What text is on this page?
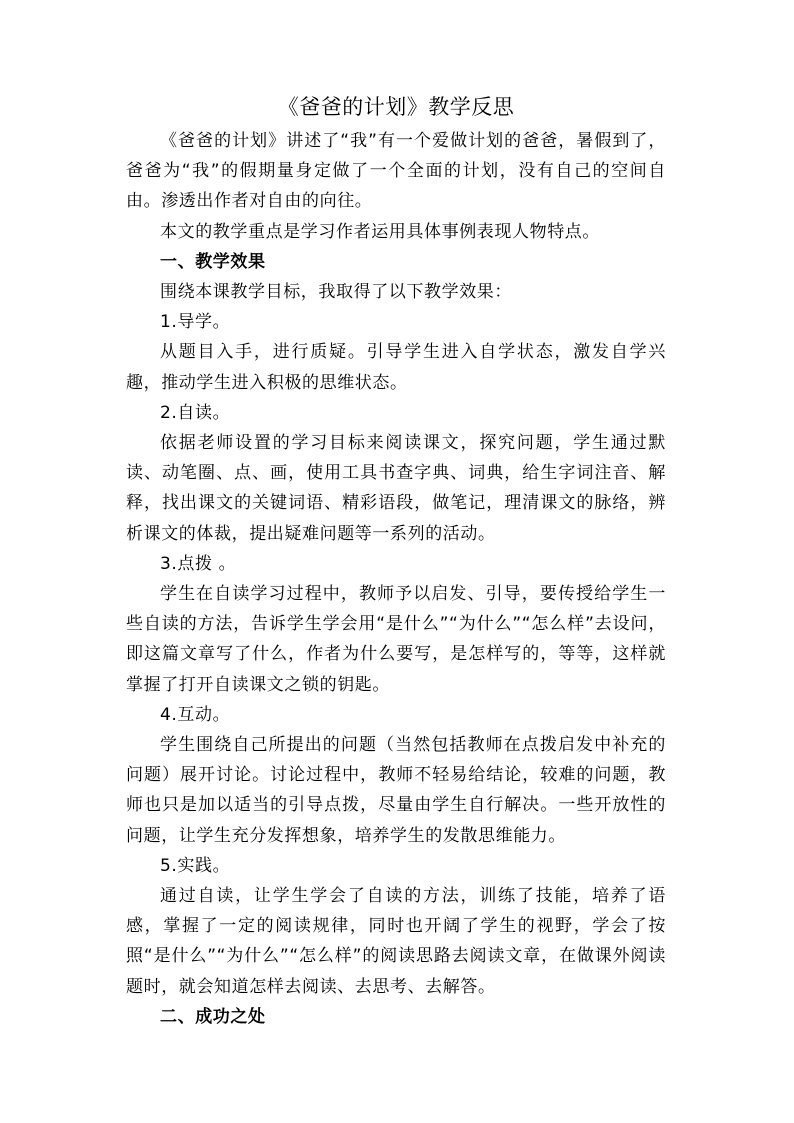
《爸爸的计划》教学反思

《爸爸的计划》讲述了“我”有一个爱做计划的爸爸，暑假到了，爸爸为“我”的假期量身定做了一个全面的计划，没有自己的空间自由。渗透出作者对自由的向往。

本文的教学重点是学习作者运用具体事例表现人物特点。

一、教学效果

围绕本课教学目标，我取得了以下教学效果：

1.导学。

从题目入手，进行质疑。引导学生进入自学状态，激发自学兴趣，推动学生进入积极的思维状态。

2.自读。

依据老师设置的学习目标来阅读课文，探究问题，学生通过默读、动笔圈、点、画，使用工具书查字典、词典，给生字词注音、解释，找出课文的关键词语、精彩语段，做笔记，理清课文的脉络，辨析课文的体裁，提出疑难问题等一系列的活动。

3.点拨 。

学生在自读学习过程中，教师予以启发、引导，要传授给学生一些自读的方法，告诉学生学会用“是什么”“为什么”“怎么样”去设问，即这篇文章写了什么，作者为什么要写，是怎样写的，等等，这样就掌握了打开自读课文之锁的钥匙。

4.互动。

学生围绕自己所提出的问题（当然包括教师在点拨启发中补充的问题）展开讨论。讨论过程中，教师不轻易给结论，较难的问题，教师也只是加以适当的引导点拨，尽量由学生自行解决。一些开放性的问题，让学生充分发挥想象，培养学生的发散思维能力。

5.实践。

通过自读，让学生学会了自读的方法，训练了技能，培养了语感，掌握了一定的阅读规律，同时也开阔了学生的视野，学会了按照“是什么”“为什么”“怎么样”的阅读思路去阅读文章，在做课外阅读题时，就会知道怎样去阅读、去思考、去解答。

二、成功之处
